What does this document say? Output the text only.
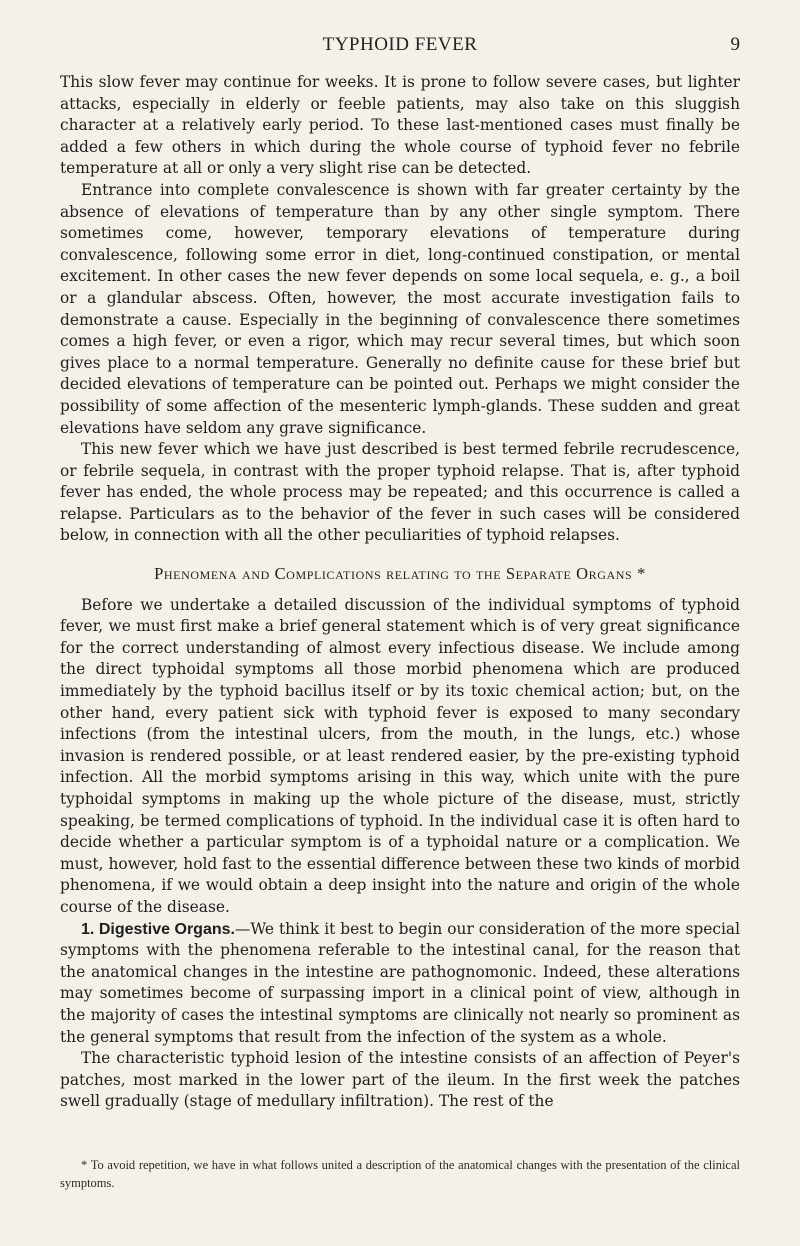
TYPHOID FEVER	9

This slow fever may continue for weeks. It is prone to follow severe cases, but lighter attacks, especially in elderly or feeble patients, may also take on this sluggish character at a relatively early period. To these last-mentioned cases must finally be added a few others in which during the whole course of typhoid fever no febrile temperature at all or only a very slight rise can be detected.

Entrance into complete convalescence is shown with far greater certainty by the absence of elevations of temperature than by any other single symptom. There sometimes come, however, temporary elevations of temperature during convalescence, following some error in diet, long-continued constipation, or mental excitement. In other cases the new fever depends on some local sequela, e. g., a boil or a glandular abscess. Often, however, the most accurate investigation fails to demonstrate a cause. Especially in the beginning of convalescence there sometimes comes a high fever, or even a rigor, which may recur several times, but which soon gives place to a normal temperature. Generally no definite cause for these brief but decided elevations of temperature can be pointed out. Perhaps we might consider the possibility of some affection of the mesenteric lymph-glands. These sudden and great elevations have seldom any grave significance.

This new fever which we have just described is best termed febrile recrudescence, or febrile sequela, in contrast with the proper typhoid relapse. That is, after typhoid fever has ended, the whole process may be repeated; and this occurrence is called a relapse. Particulars as to the behavior of the fever in such cases will be considered below, in connection with all the other peculiarities of typhoid relapses.

Phenomena and Complications relating to the Separate Organs *

Before we undertake a detailed discussion of the individual symptoms of typhoid fever, we must first make a brief general statement which is of very great significance for the correct understanding of almost every infectious disease. We include among the direct typhoidal symptoms all those morbid phenomena which are produced immediately by the typhoid bacillus itself or by its toxic chemical action; but, on the other hand, every patient sick with typhoid fever is exposed to many secondary infections (from the intestinal ulcers, from the mouth, in the lungs, etc.) whose invasion is rendered possible, or at least rendered easier, by the pre-existing typhoid infection. All the morbid symptoms arising in this way, which unite with the pure typhoidal symptoms in making up the whole picture of the disease, must, strictly speaking, be termed complications of typhoid. In the individual case it is often hard to decide whether a particular symptom is of a typhoidal nature or a complication. We must, however, hold fast to the essential difference between these two kinds of morbid phenomena, if we would obtain a deep insight into the nature and origin of the whole course of the disease.

1. Digestive Organs.—We think it best to begin our consideration of the more special symptoms with the phenomena referable to the intestinal canal, for the reason that the anatomical changes in the intestine are pathognomonic. Indeed, these alterations may sometimes become of surpassing import in a clinical point of view, although in the majority of cases the intestinal symptoms are clinically not nearly so prominent as the general symptoms that result from the infection of the system as a whole.

The characteristic typhoid lesion of the intestine consists of an affection of Peyer's patches, most marked in the lower part of the ileum. In the first week the patches swell gradually (stage of medullary infiltration). The rest of the

* To avoid repetition, we have in what follows united a description of the anatomical changes with the presentation of the clinical symptoms.
